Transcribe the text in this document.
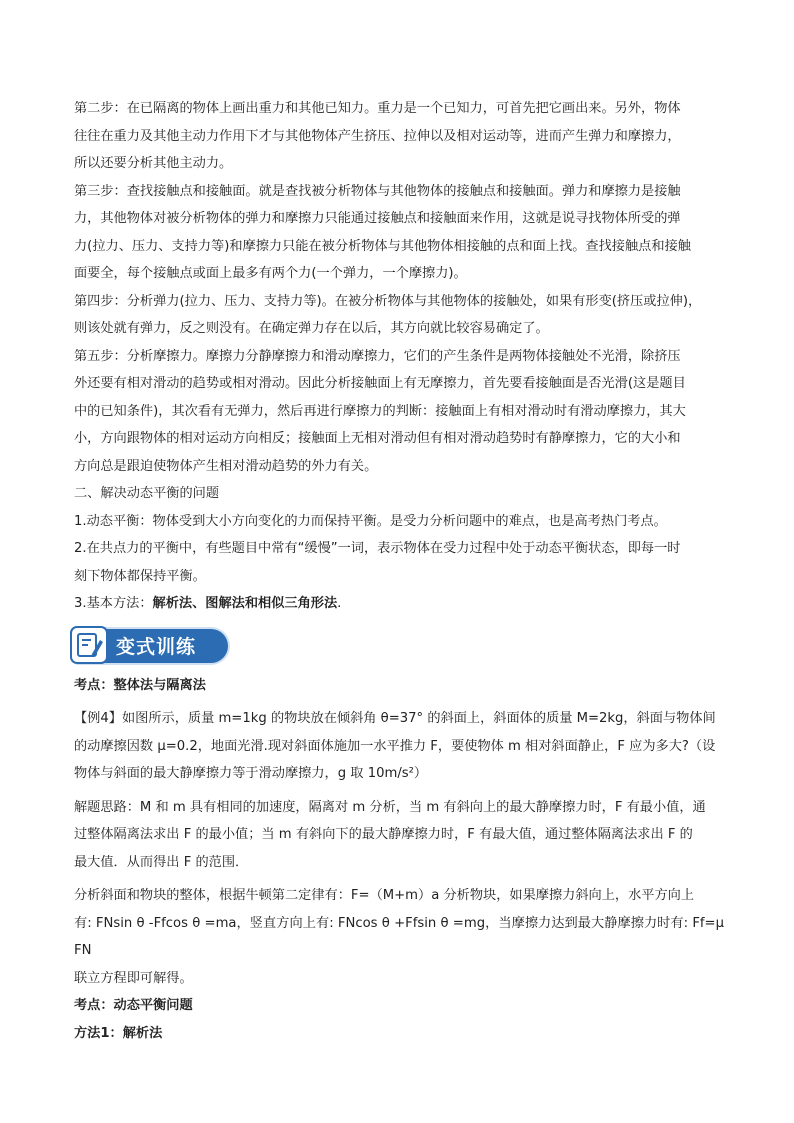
第二步：在已隔离的物体上画出重力和其他已知力。重力是一个已知力，可首先把它画出来。另外，物体

往往在重力及其他主动力作用下才与其他物体产生挤压、拉伸以及相对运动等，进而产生弹力和摩擦力，

所以还要分析其他主动力。

第三步：查找接触点和接触面。就是查找被分析物体与其他物体的接触点和接触面。弹力和摩擦力是接触

力，其他物体对被分析物体的弹力和摩擦力只能通过接触点和接触面来作用，这就是说寻找物体所受的弹

力(拉力、压力、支持力等)和摩擦力只能在被分析物体与其他物体相接触的点和面上找。查找接触点和接触

面要全，每个接触点或面上最多有两个力(一个弹力，一个摩擦力)。

第四步：分析弹力(拉力、压力、支持力等)。在被分析物体与其他物体的接触处，如果有形变(挤压或拉伸)，

则该处就有弹力，反之则没有。在确定弹力存在以后，其方向就比较容易确定了。

第五步：分析摩擦力。摩擦力分静摩擦力和滑动摩擦力，它们的产生条件是两物体接触处不光滑，除挤压

外还要有相对滑动的趋势或相对滑动。因此分析接触面上有无摩擦力，首先要看接触面是否光滑(这是题目

中的已知条件)，其次看有无弹力，然后再进行摩擦力的判断：接触面上有相对滑动时有滑动摩擦力，其大

小，方向跟物体的相对运动方向相反；接触面上无相对滑动但有相对滑动趋势时有静摩擦力，它的大小和

方向总是跟迫使物体产生相对滑动趋势的外力有关。

二、解决动态平衡的问题

1.动态平衡：物体受到大小方向变化的力而保持平衡。是受力分析问题中的难点，也是高考热门考点。

2.在共点力的平衡中，有些题目中常有“缓慢”一词，表示物体在受力过程中处于动态平衡状态，即每一时

刻下物体都保持平衡。

3.基本方法：解析法、图解法和相似三角形法.

变式训练

考点：整体法与隔离法

【例4】如图所示，质量 m=1kg 的物块放在倾斜角 θ=37° 的斜面上，斜面体的质量 M=2kg，斜面与物体间

的动摩擦因数 μ=0.2，地面光滑.现对斜面体施加一水平推力 F，要使物体 m 相对斜面静止，F 应为多大?（设

物体与斜面的最大静摩擦力等于滑动摩擦力，g 取 10m/s²）

解题思路：M 和 m 具有相同的加速度，隔离对 m 分析，当 m 有斜向上的最大静摩擦力时，F 有最小值，通

过整体隔离法求出 F 的最小值；当 m 有斜向下的最大静摩擦力时，F 有最大值，通过整体隔离法求出 F 的

最大值．从而得出 F 的范围．

分析斜面和物块的整体，根据牛顿第二定律有：F=（M+m）a 分析物块，如果摩擦力斜向上，水平方向上

有: FNsin θ -Ffcos θ =ma，竖直方向上有: FNcos θ +Ffsin θ =mg，当摩擦力达到最大静摩擦力时有: Ff=μFN

联立方程即可解得。

考点：动态平衡问题

方法1：解析法
